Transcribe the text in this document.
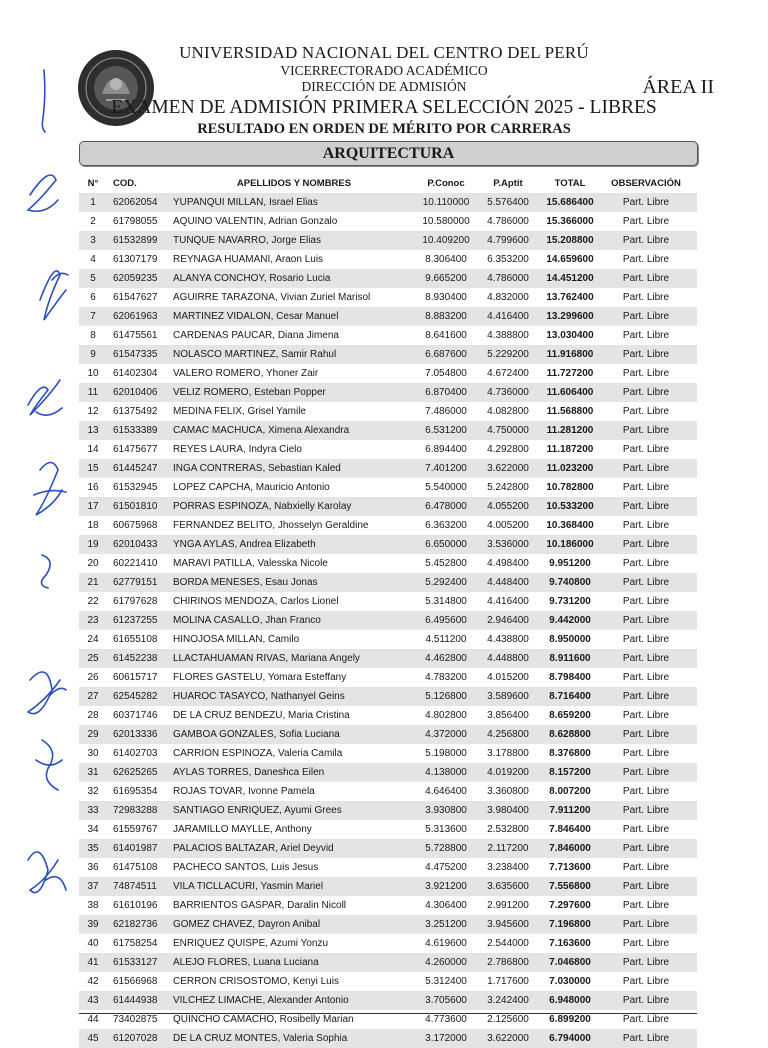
UNIVERSIDAD NACIONAL DEL CENTRO DEL PERÚ
VICERRECTORADO ACADÉMICO
DIRECCIÓN DE ADMISIÓN	ÁREA II
EXAMEN DE ADMISIÓN PRIMERA SELECCIÓN 2025 - LIBRES
RESULTADO EN ORDEN DE MÉRITO POR CARRERAS
ARQUITECTURA
N°	COD.	APELLIDOS Y NOMBRES	P.Conoc	P.Aptit	TOTAL	OBSERVACIÓN
1	62062054	YUPANQUI MILLAN, Israel Elias	10.110000	5.576400	15.686400	Part. Libre
2	61798055	AQUINO VALENTIN, Adrian Gonzalo	10.580000	4.786000	15.366000	Part. Libre
3	61532899	TUNQUE NAVARRO, Jorge Elias	10.409200	4.799600	15.208800	Part. Libre
4	61307179	REYNAGA HUAMANI, Araon Luis	8.306400	6.353200	14.659600	Part. Libre
5	62059235	ALANYA CONCHOY, Rosario Lucia	9.665200	4.786000	14.451200	Part. Libre
6	61547627	AGUIRRE TARAZONA, Vivian Zuriel Marisol	8.930400	4.832000	13.762400	Part. Libre
7	62061963	MARTINEZ VIDALON, Cesar Manuel	8.883200	4.416400	13.299600	Part. Libre
8	61475561	CARDENAS PAUCAR, Diana Jimena	8.641600	4.388800	13.030400	Part. Libre
9	61547335	NOLASCO MARTINEZ, Samir Rahul	6.687600	5.229200	11.916800	Part. Libre
10	61402304	VALERO ROMERO, Yhoner Zair	7.054800	4.672400	11.727200	Part. Libre
11	62010406	VÉLIZ ROMERO, Esteban Popper	6.870400	4.736000	11.606400	Part. Libre
12	61375492	MEDINA FELIX, Grisel Yamile	7.486000	4.082800	11.568800	Part. Libre
13	61533389	CAMAC MACHUCA, Ximena Alexandra	6.531200	4.750000	11.281200	Part. Libre
14	61475677	REYES LAURA, Indyra Cielo	6.894400	4.292800	11.187200	Part. Libre
15	61445247	INGA CONTRERAS, Sebastian Kaled	7.401200	3.622000	11.023200	Part. Libre
16	61532945	LOPEZ CAPCHA, Mauricio Antonio	5.540000	5.242800	10.782800	Part. Libre
17	61501810	PORRAS ESPINOZA, Nabxielly Karolay	6.478000	4.055200	10.533200	Part. Libre
18	60675968	FERNÁNDEZ BELITO, Jhosselyn Geraldine	6.363200	4.005200	10.368400	Part. Libre
19	62010433	YNGA AYLAS, Andrea Elizabeth	6.650000	3.536000	10.186000	Part. Libre
20	60221410	MARAVI PATILLA, Valesska Nicole	5.452800	4.498400	9.951200	Part. Libre
21	62779151	BORDA MENESES, Esau Jonas	5.292400	4.448400	9.740800	Part. Libre
22	61797628	CHIRINOS MENDOZA, Carlos Lionel	5.314800	4.416400	9.731200	Part. Libre
23	61237255	MOLINA CASALLO, Jhan Franco	6.495600	2.946400	9.442000	Part. Libre
24	61655108	HINOJOSA MILLAN, Camilo	4.511200	4.438800	8.950000	Part. Libre
25	61452238	LLACTAHUAMAN RIVAS, Mariana Angely	4.462800	4.448800	8.911600	Part. Libre
26	60615717	FLORES GASTELU, Yomara Esteffany	4.783200	4.015200	8.798400	Part. Libre
27	62545282	HUAROC TASAYCO, Nathanyel Geins	5.126800	3.589600	8.716400	Part. Libre
28	60371746	DE LA CRUZ BENDEZU, Maria Cristina	4.802800	3.856400	8.659200	Part. Libre
29	62013336	GAMBOA GONZALES, Sofia Luciana	4.372000	4.256800	8.628800	Part. Libre
30	61402703	CARRION ESPINOZA, Valeria Camila	5.198000	3.178800	8.376800	Part. Libre
31	62625265	AYLAS TORRES, Daneshca Eilen	4.138000	4.019200	8.157200	Part. Libre
32	61695354	ROJAS TOVAR, Ivonne Pamela	4.646400	3.360800	8.007200	Part. Libre
33	72983288	SANTIAGO ENRIQUEZ, Ayumi Grees	3.930800	3.980400	7.911200	Part. Libre
34	61559767	JARAMILLO MAYLLE, Anthony	5.313600	2.532800	7.846400	Part. Libre
35	61401987	PALACIOS BALTAZAR, Ariel Deyvid	5.728800	2.117200	7.846000	Part. Libre
36	61475108	PACHECO SANTOS, Luis Jesus	4.475200	3.238400	7.713600	Part. Libre
37	74874511	VILA TICLLACURI, Yasmin Mariel	3.921200	3.635600	7.556800	Part. Libre
38	61610196	BARRIENTOS GASPAR, Daralin Nicoll	4.306400	2.991200	7.297600	Part. Libre
39	62182736	GOMEZ CHAVEZ, Dayron Anibal	3.251200	3.945600	7.196800	Part. Libre
40	61758254	ENRIQUEZ QUISPE, Azumi Yonzu	4.619600	2.544000	7.163600	Part. Libre
41	61533127	ALEJO FLORES, Luana Luciana	4.260000	2.786800	7.046800	Part. Libre
42	61566968	CERRON CRISOSTOMO, Kenyi Luis	5.312400	1.717600	7.030000	Part. Libre
43	61444938	VILCHEZ LIMACHE, Alexander Antonio	3.705600	3.242400	6.948000	Part. Libre
44	73402875	QUINCHO CAMACHO, Rosibelly Marian	4.773600	2.125600	6.899200	Part. Libre
45	61207028	DE LA CRUZ MONTES, Valeria Sophia	3.172000	3.622000	6.794000	Part. Libre
